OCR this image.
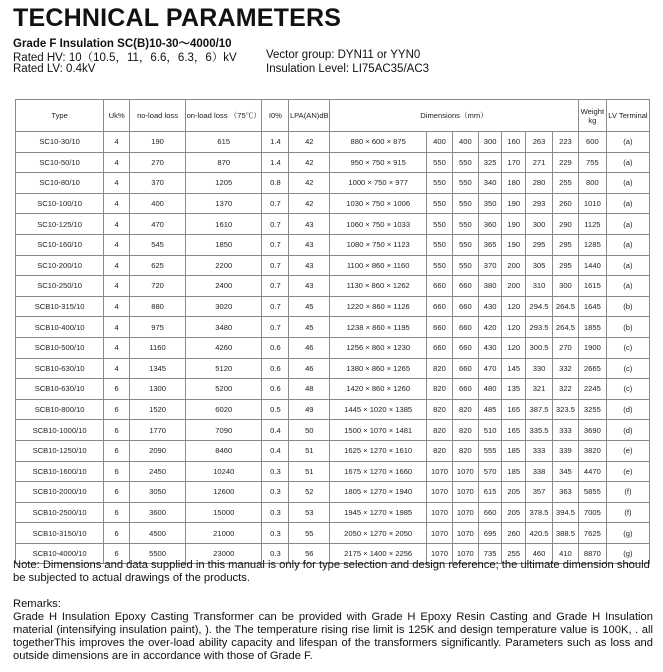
TECHNICAL PARAMETERS
Grade F Insulation SC(B)10-30～4000/10
Rated HV: 10（10.5，11，6.6，6.3，6）kV
Rated LV: 0.4kV
Vector group: DYN11 or YYN0
Insulation Level: LI75AC35/AC3
Type	Uk%	no-load loss	on-load loss （75℃）	I0%	LPA(AN)dB	Dimensions（mm）							Weight kg	LV Terminal
SC10-30/10	4	190	615	1.4	42	880 × 600 × 875	400	400	300	160	263	223	600	(a)
SC10-50/10	4	270	870	1.4	42	950 × 750 × 915	550	550	325	170	271	229	755	(a)
SC10-80/10	4	370	1205	0.8	42	1000 × 750 × 977	550	550	340	180	280	255	800	(a)
SC10-100/10	4	400	1370	0.7	42	1030 × 750 × 1006	550	550	350	190	293	260	1010	(a)
SC10-125/10	4	470	1610	0.7	43	1060 × 750 × 1033	550	550	360	190	300	290	1125	(a)
SC10-160/10	4	545	1850	0.7	43	1080 × 750 × 1123	550	550	365	190	295	295	1285	(a)
SC10-200/10	4	625	2200	0.7	43	1100 × 860 × 1160	550	550	370	200	305	295	1440	(a)
SC10-250/10	4	720	2400	0.7	43	1130 × 860 × 1262	660	660	380	200	310	300	1615	(a)
SCB10-315/10	4	880	3020	0.7	45	1220 × 860 × 1126	660	660	430	120	294.5	264.5	1645	(b)
SCB10-400/10	4	975	3480	0.7	45	1238 × 860 × 1195	660	660	420	120	293.5	264.5	1855	(b)
SCB10-500/10	4	1160	4260	0.6	46	1256 × 860 × 1230	660	660	430	120	300.5	270	1900	(c)
SCB10-630/10	4	1345	5120	0.6	46	1380 × 860 × 1265	820	660	470	145	330	332	2665	(c)
SCB10-630/10	6	1300	5200	0.6	48	1420 × 860 × 1260	820	660	480	135	321	322	2245	(c)
SCB10-800/10	6	1520	6020	0.5	49	1445 × 1020 × 1385	820	820	485	165	387.5	323.5	3255	(d)
SCB10-1000/10	6	1770	7090	0.4	50	1500 × 1070 × 1481	820	820	510	165	335.5	333	3690	(d)
SCB10-1250/10	6	2090	8460	0.4	51	1625 × 1270 × 1610	820	820	555	185	333	339	3820	(e)
SCB10-1600/10	6	2450	10240	0.3	51	1675 × 1270 × 1660	1070	1070	570	185	338	345	4470	(e)
SCB10-2000/10	6	3050	12600	0.3	52	1805 × 1270 × 1940	1070	1070	615	205	357	363	5855	(f)
SCB10-2500/10	6	3600	15000	0.3	53	1945 × 1270 × 1985	1070	1070	660	205	378.5	394.5	7005	(f)
SCB10-3150/10	6	4500	21000	0.3	55	2050 × 1270 × 2050	1070	1070	695	260	420.5	388.5	7625	(g)
SCB10-4000/10	6	5500	23000	0.3	56	2175 × 1400 × 2256	1070	1070	735	255	460	410	8870	(g)
Note: Dimensions and data supplied in this manual is only for type selection and design reference; the ultimate dimension should be subjected to actual drawings of the products.
Remarks:
Grade H Insulation Epoxy Casting Transformer can be provided with Grade H Epoxy Resin Casting and Grade H Insulation material (intensifying insulation paint), ). the The temperature rising rise limit is 125K and design temperature value is 100K, . all togetherThis improves the over-load ability capacity and lifespan of the transformers significantly. Parameters such as loss and outside dimensions are in accordance with those of Grade F.
